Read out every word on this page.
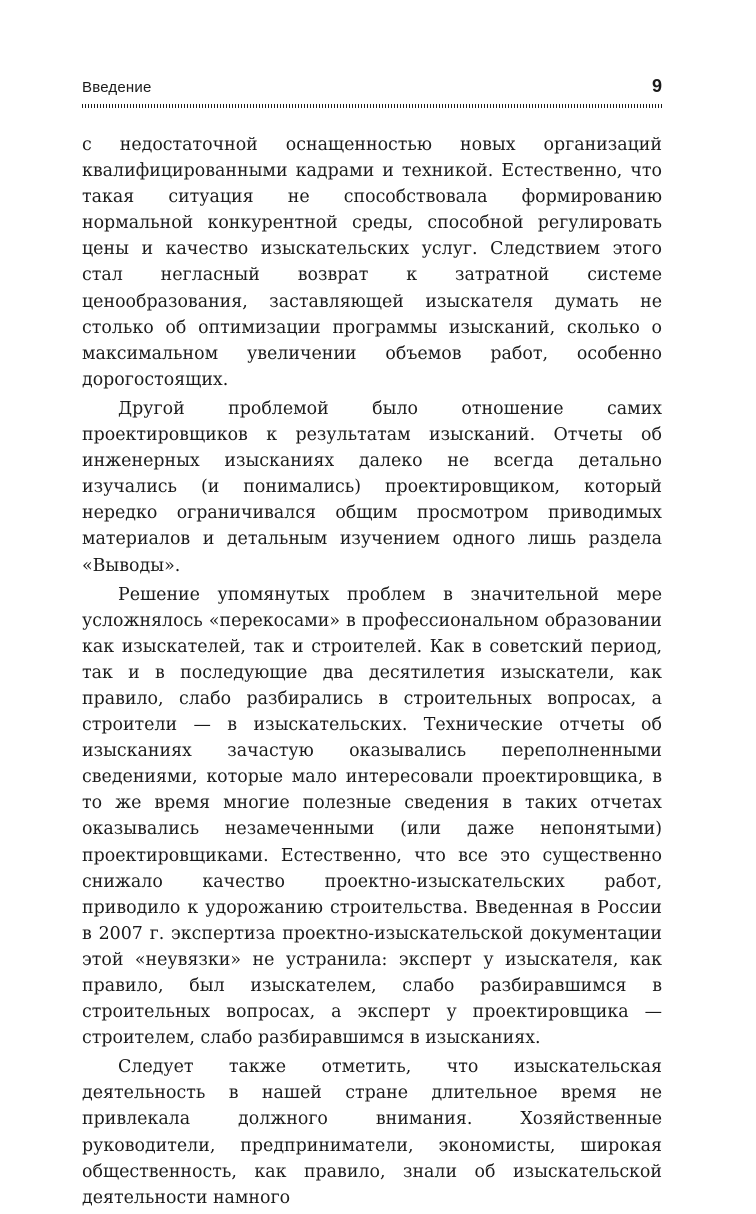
Введение	9

с недостаточной оснащенностью новых организаций квалифицированными кадрами и техникой. Естественно, что такая ситуация не способствовала формированию нормальной конкурентной среды, способной регулировать цены и качество изыскательских услуг. Следствием этого стал негласный возврат к затратной системе ценообразования, заставляющей изыскателя думать не столько об оптимизации программы изысканий, сколько о максимальном увеличении объемов работ, особенно дорогостоящих.

Другой проблемой было отношение самих проектировщиков к результатам изысканий. Отчеты об инженерных изысканиях далеко не всегда детально изучались (и понимались) проектировщиком, который нередко ограничивался общим просмотром приводимых материалов и детальным изучением одного лишь раздела «Выводы».

Решение упомянутых проблем в значительной мере усложнялось «перекосами» в профессиональном образовании как изыскателей, так и строителей. Как в советский период, так и в последующие два десятилетия изыскатели, как правило, слабо разбирались в строительных вопросах, а строители — в изыскательских. Технические отчеты об изысканиях зачастую оказывались переполненными сведениями, которые мало интересовали проектировщика, в то же время многие полезные сведения в таких отчетах оказывались незамеченными (или даже непонятыми) проектировщиками. Естественно, что все это существенно снижало качество проектно-изыскательских работ, приводило к удорожанию строительства. Введенная в России в 2007 г. экспертиза проектно-изыскательской документации этой «неувязки» не устранила: эксперт у изыскателя, как правило, был изыскателем, слабо разбиравшимся в строительных вопросах, а эксперт у проектировщика — строителем, слабо разбиравшимся в изысканиях.

Следует также отметить, что изыскательская деятельность в нашей стране длительное время не привлекала должного внимания. Хозяйственные руководители, предприниматели, экономисты, широкая общественность, как правило, знали об изыскательской деятельности намного
